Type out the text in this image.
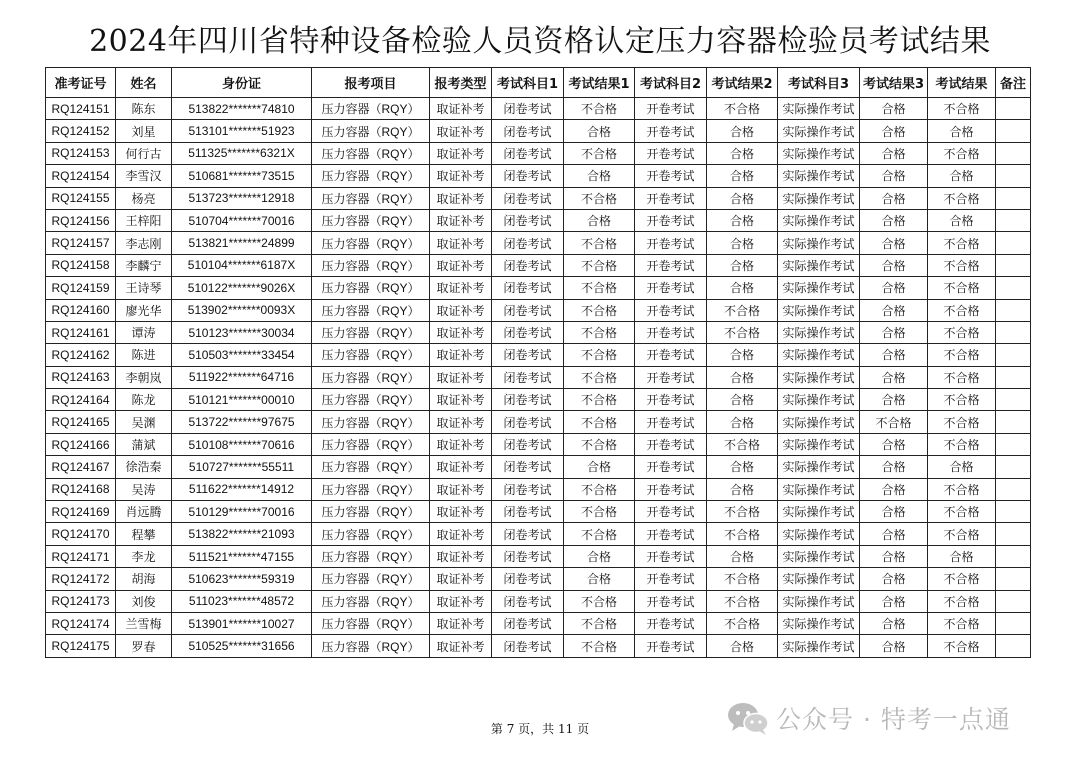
2024年四川省特种设备检验人员资格认定压力容器检验员考试结果
准考证号	姓名	身份证	报考项目	报考类型	考试科目1	考试结果1	考试科目2	考试结果2	考试科目3	考试结果3	考试结果	备注
RQ124151	陈东	513822*******74810	压力容器（RQY）	取证补考	闭卷考试	不合格	开卷考试	不合格	实际操作考试	合格	不合格	
RQ124152	刘星	513101*******51923	压力容器（RQY）	取证补考	闭卷考试	合格	开卷考试	合格	实际操作考试	合格	合格	
RQ124153	何行古	511325*******6321X	压力容器（RQY）	取证补考	闭卷考试	不合格	开卷考试	合格	实际操作考试	合格	不合格	
RQ124154	李雪汉	510681*******73515	压力容器（RQY）	取证补考	闭卷考试	合格	开卷考试	合格	实际操作考试	合格	合格	
RQ124155	杨亮	513723*******12918	压力容器（RQY）	取证补考	闭卷考试	不合格	开卷考试	合格	实际操作考试	合格	不合格	
RQ124156	王梓阳	510704*******70016	压力容器（RQY）	取证补考	闭卷考试	合格	开卷考试	合格	实际操作考试	合格	合格	
RQ124157	李志刚	513821*******24899	压力容器（RQY）	取证补考	闭卷考试	不合格	开卷考试	合格	实际操作考试	合格	不合格	
RQ124158	李麟宁	510104*******6187X	压力容器（RQY）	取证补考	闭卷考试	不合格	开卷考试	合格	实际操作考试	合格	不合格	
RQ124159	王诗琴	510122*******9026X	压力容器（RQY）	取证补考	闭卷考试	不合格	开卷考试	合格	实际操作考试	合格	不合格	
RQ124160	廖光华	513902*******0093X	压力容器（RQY）	取证补考	闭卷考试	不合格	开卷考试	不合格	实际操作考试	合格	不合格	
RQ124161	谭涛	510123*******30034	压力容器（RQY）	取证补考	闭卷考试	不合格	开卷考试	不合格	实际操作考试	合格	不合格	
RQ124162	陈进	510503*******33454	压力容器（RQY）	取证补考	闭卷考试	不合格	开卷考试	合格	实际操作考试	合格	不合格	
RQ124163	李朝岚	511922*******64716	压力容器（RQY）	取证补考	闭卷考试	不合格	开卷考试	合格	实际操作考试	合格	不合格	
RQ124164	陈龙	510121*******00010	压力容器（RQY）	取证补考	闭卷考试	不合格	开卷考试	合格	实际操作考试	合格	不合格	
RQ124165	吴渊	513722*******97675	压力容器（RQY）	取证补考	闭卷考试	不合格	开卷考试	合格	实际操作考试	不合格	不合格	
RQ124166	蒲斌	510108*******70616	压力容器（RQY）	取证补考	闭卷考试	不合格	开卷考试	不合格	实际操作考试	合格	不合格	
RQ124167	徐浩秦	510727*******55511	压力容器（RQY）	取证补考	闭卷考试	合格	开卷考试	合格	实际操作考试	合格	合格	
RQ124168	吴涛	511622*******14912	压力容器（RQY）	取证补考	闭卷考试	不合格	开卷考试	合格	实际操作考试	合格	不合格	
RQ124169	肖远腾	510129*******70016	压力容器（RQY）	取证补考	闭卷考试	不合格	开卷考试	不合格	实际操作考试	合格	不合格	
RQ124170	程攀	513822*******21093	压力容器（RQY）	取证补考	闭卷考试	不合格	开卷考试	不合格	实际操作考试	合格	不合格	
RQ124171	李龙	511521*******47155	压力容器（RQY）	取证补考	闭卷考试	合格	开卷考试	合格	实际操作考试	合格	合格	
RQ124172	胡海	510623*******59319	压力容器（RQY）	取证补考	闭卷考试	合格	开卷考试	不合格	实际操作考试	合格	不合格	
RQ124173	刘俊	511023*******48572	压力容器（RQY）	取证补考	闭卷考试	不合格	开卷考试	不合格	实际操作考试	合格	不合格	
RQ124174	兰雪梅	513901*******10027	压力容器（RQY）	取证补考	闭卷考试	不合格	开卷考试	不合格	实际操作考试	合格	不合格	
RQ124175	罗春	510525*******31656	压力容器（RQY）	取证补考	闭卷考试	不合格	开卷考试	合格	实际操作考试	合格	不合格	
第 7 页，共 11 页	公众号 · 特考一点通
